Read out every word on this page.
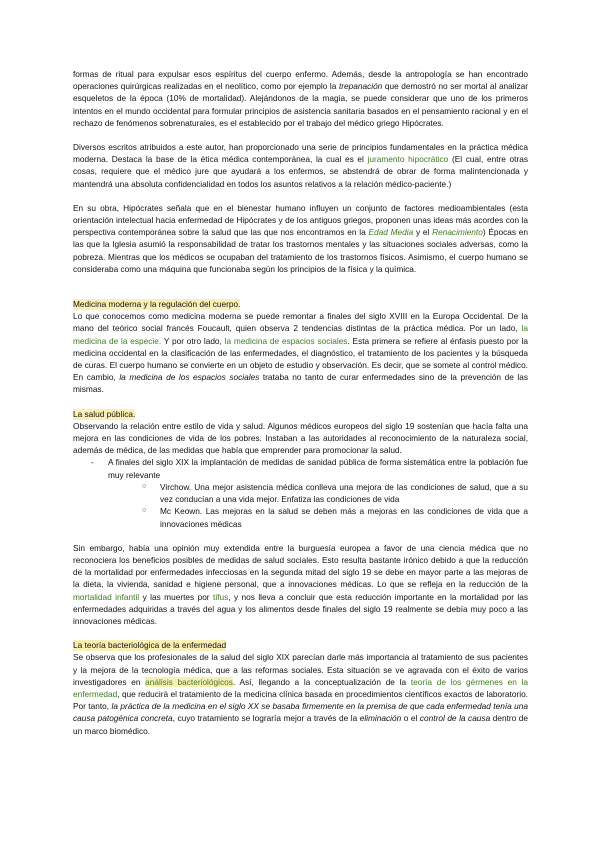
formas de ritual para expulsar esos espíritus del cuerpo enfermo. Además, desde la antropología se han encontrado operaciones quirúrgicas realizadas en el neolítico, como por ejemplo la trepanación que demostró no ser mortal al analizar esqueletos de la época (10% de mortalidad). Alejándonos de la magia, se puede considerar que uno de los primeros intentos en el mundo occidental para formular principios de asistencia sanitaria basados en el pensamiento racional y en el rechazo de fenómenos sobrenaturales, es el establecido por el trabajo del médico griego Hipócrates.

Diversos escritos atribuidos a este autor, han proporcionado una serie de principios fundamentales en la práctica médica moderna. Destaca la base de la ética médica contemporánea, la cual es el juramento hipocrático (El cual, entre otras cosas, requiere que el médico jure que ayudará a los enfermos, se abstendrá de obrar de forma malintencionada y mantendrá una absoluta confidencialidad en todos los asuntos relativos a la relación médico-paciente.)

En su obra, Hipócrates señala que en el bienestar humano influyen un conjunto de factores medioambientales (esta orientación intelectual hacia enfermedad de Hipócrates y de los antiguos griegos, proponen unas ideas más acordes con la perspectiva contemporánea sobre la salud que las que nos encontramos en la Edad Media y el Renacimiento) Épocas en las que la Iglesia asumió la responsabilidad de tratar los trastornos mentales y las situaciones sociales adversas, como la pobreza. Mientras que los médicos se ocupaban del tratamiento de los trastornos físicos. Asimismo, el cuerpo humano se consideraba como una máquina que funcionaba según los principios de la física y la química.

Medicina moderna y la regulación del cuerpo.

Lo que conocemos como medicina moderna se puede remontar a finales del siglo XVIII en la Europa Occidental. De la mano del teórico social francés Foucault, quien observa 2 tendencias distintas de la práctica médica. Por un lado, la medicina de la especie. Y por otro lado, la medicina de espacios sociales. Esta primera se refiere al énfasis puesto por la medicina occidental en la clasificación de las enfermedades, el diagnóstico, el tratamiento de los pacientes y la búsqueda de curas. El cuerpo humano se convierte en un objeto de estudio y observación. Es decir, que se somete al control médico. En cambio, la medicina de los espacios sociales trataba no tanto de curar enfermedades sino de la prevención de las mismas.

La salud pública.

Observando la relación entre estilo de vida y salud. Algunos médicos europeos del siglo 19 sostenían que hacía falta una mejora en las condiciones de vida de los pobres. Instaban a las autoridades al reconocimiento de la naturaleza social, además de médica, de las medidas que había que emprender para promocionar la salud.

- A finales del siglo XIX la implantación de medidas de sanidad pública de forma sistemática entre la población fue muy relevante
○ Virchow. Una mejor asistencia médica conlleva una mejora de las condiciones de salud, que a su vez conducían a una vida mejor. Enfatiza las condiciones de vida
○ Mc Keown. Las mejoras en la salud se deben más a mejoras en las condiciones de vida que a innovaciones médicas

Sin embargo, había una opinión muy extendida entre la burguesía europea a favor de una ciencia médica que no reconociera los beneficios posibles de medidas de salud sociales. Esto resulta bastante irónico debido a que la reducción de la mortalidad por enfermedades infecciosas en la segunda mitad del siglo 19 se debe en mayor parte a las mejoras de la dieta, la vivienda, sanidad e higiene personal, que a innovaciones médicas. Lo que se refleja en la reducción de la mortalidad infantil y las muertes por tifus, y nos lleva a concluir que esta reducción importante en la mortalidad por las enfermedades adquiridas a través del agua y los alimentos desde finales del siglo 19 realmente se debía muy poco a las innovaciones médicas.

La teoría bacteriológica de la enfermedad

Se observa que los profesionales de la salud del siglo XIX parecían darle más importancia al tratamiento de sus pacientes y la mejora de la tecnología médica, que a las reformas sociales. Esta situación se ve agravada con el éxito de varios investigadores en análisis bacteriológicos. Así, llegando a la conceptualización de la teoría de los gérmenes en la enfermedad, que reducirá el tratamiento de la medicina clínica basada en procedimientos científicos exactos de laboratorio. Por tanto, la práctica de la medicina en el siglo XX se basaba firmemente en la premisa de que cada enfermedad tenía una causa patogénica concreta, cuyo tratamiento se lograría mejor a través de la eliminación o el control de la causa dentro de un marco biomédico.
